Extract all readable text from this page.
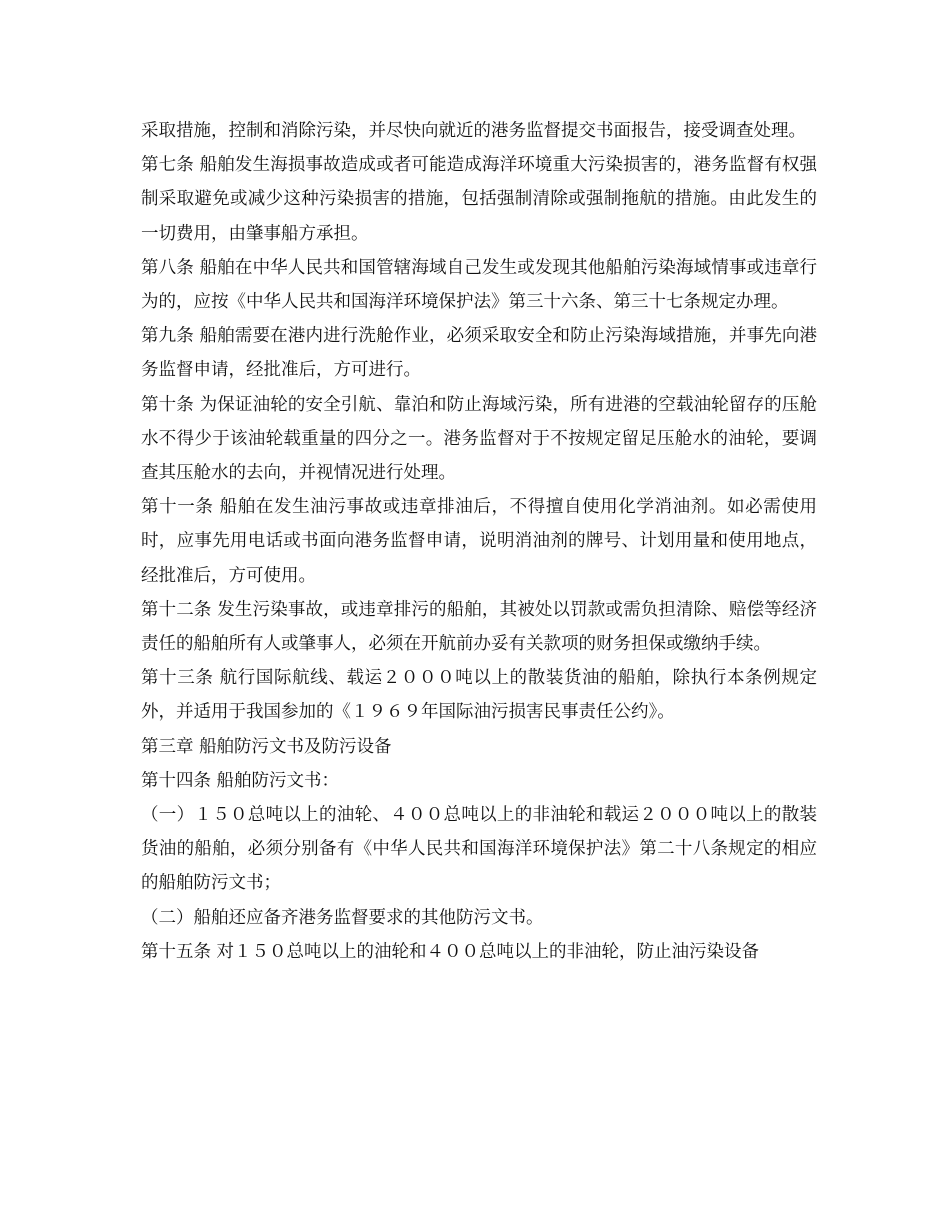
采取措施，控制和消除污染，并尽快向就近的港务监督提交书面报告，接受调查处理。

第七条 船舶发生海损事故造成或者可能造成海洋环境重大污染损害的，港务监督有权强制采取避免或减少这种污染损害的措施，包括强制清除或强制拖航的措施。由此发生的一切费用，由肇事船方承担。

第八条 船舶在中华人民共和国管辖海域自己发生或发现其他船舶污染海域情事或违章行为的，应按《中华人民共和国海洋环境保护法》第三十六条、第三十七条规定办理。

第九条 船舶需要在港内进行洗舱作业，必须采取安全和防止污染海域措施，并事先向港务监督申请，经批准后，方可进行。

第十条 为保证油轮的安全引航、靠泊和防止海域污染，所有进港的空载油轮留存的压舱水不得少于该油轮载重量的四分之一。港务监督对于不按规定留足压舱水的油轮，要调查其压舱水的去向，并视情况进行处理。

第十一条 船舶在发生油污事故或违章排油后，不得擅自使用化学消油剂。如必需使用时，应事先用电话或书面向港务监督申请，说明消油剂的牌号、计划用量和使用地点，经批准后，方可使用。

第十二条 发生污染事故，或违章排污的船舶，其被处以罚款或需负担清除、赔偿等经济责任的船舶所有人或肇事人，必须在开航前办妥有关款项的财务担保或缴纳手续。

第十三条 航行国际航线、载运２０００吨以上的散装货油的船舶，除执行本条例规定外，并适用于我国参加的《１９６９年国际油污损害民事责任公约》。

第三章 船舶防污文书及防污设备

第十四条 船舶防污文书：

（一）１５０总吨以上的油轮、４００总吨以上的非油轮和载运２０００吨以上的散装货油的船舶，必须分别备有《中华人民共和国海洋环境保护法》第二十八条规定的相应的船舶防污文书；

（二）船舶还应备齐港务监督要求的其他防污文书。

第十五条 对１５０总吨以上的油轮和４００总吨以上的非油轮，防止油污染设备
